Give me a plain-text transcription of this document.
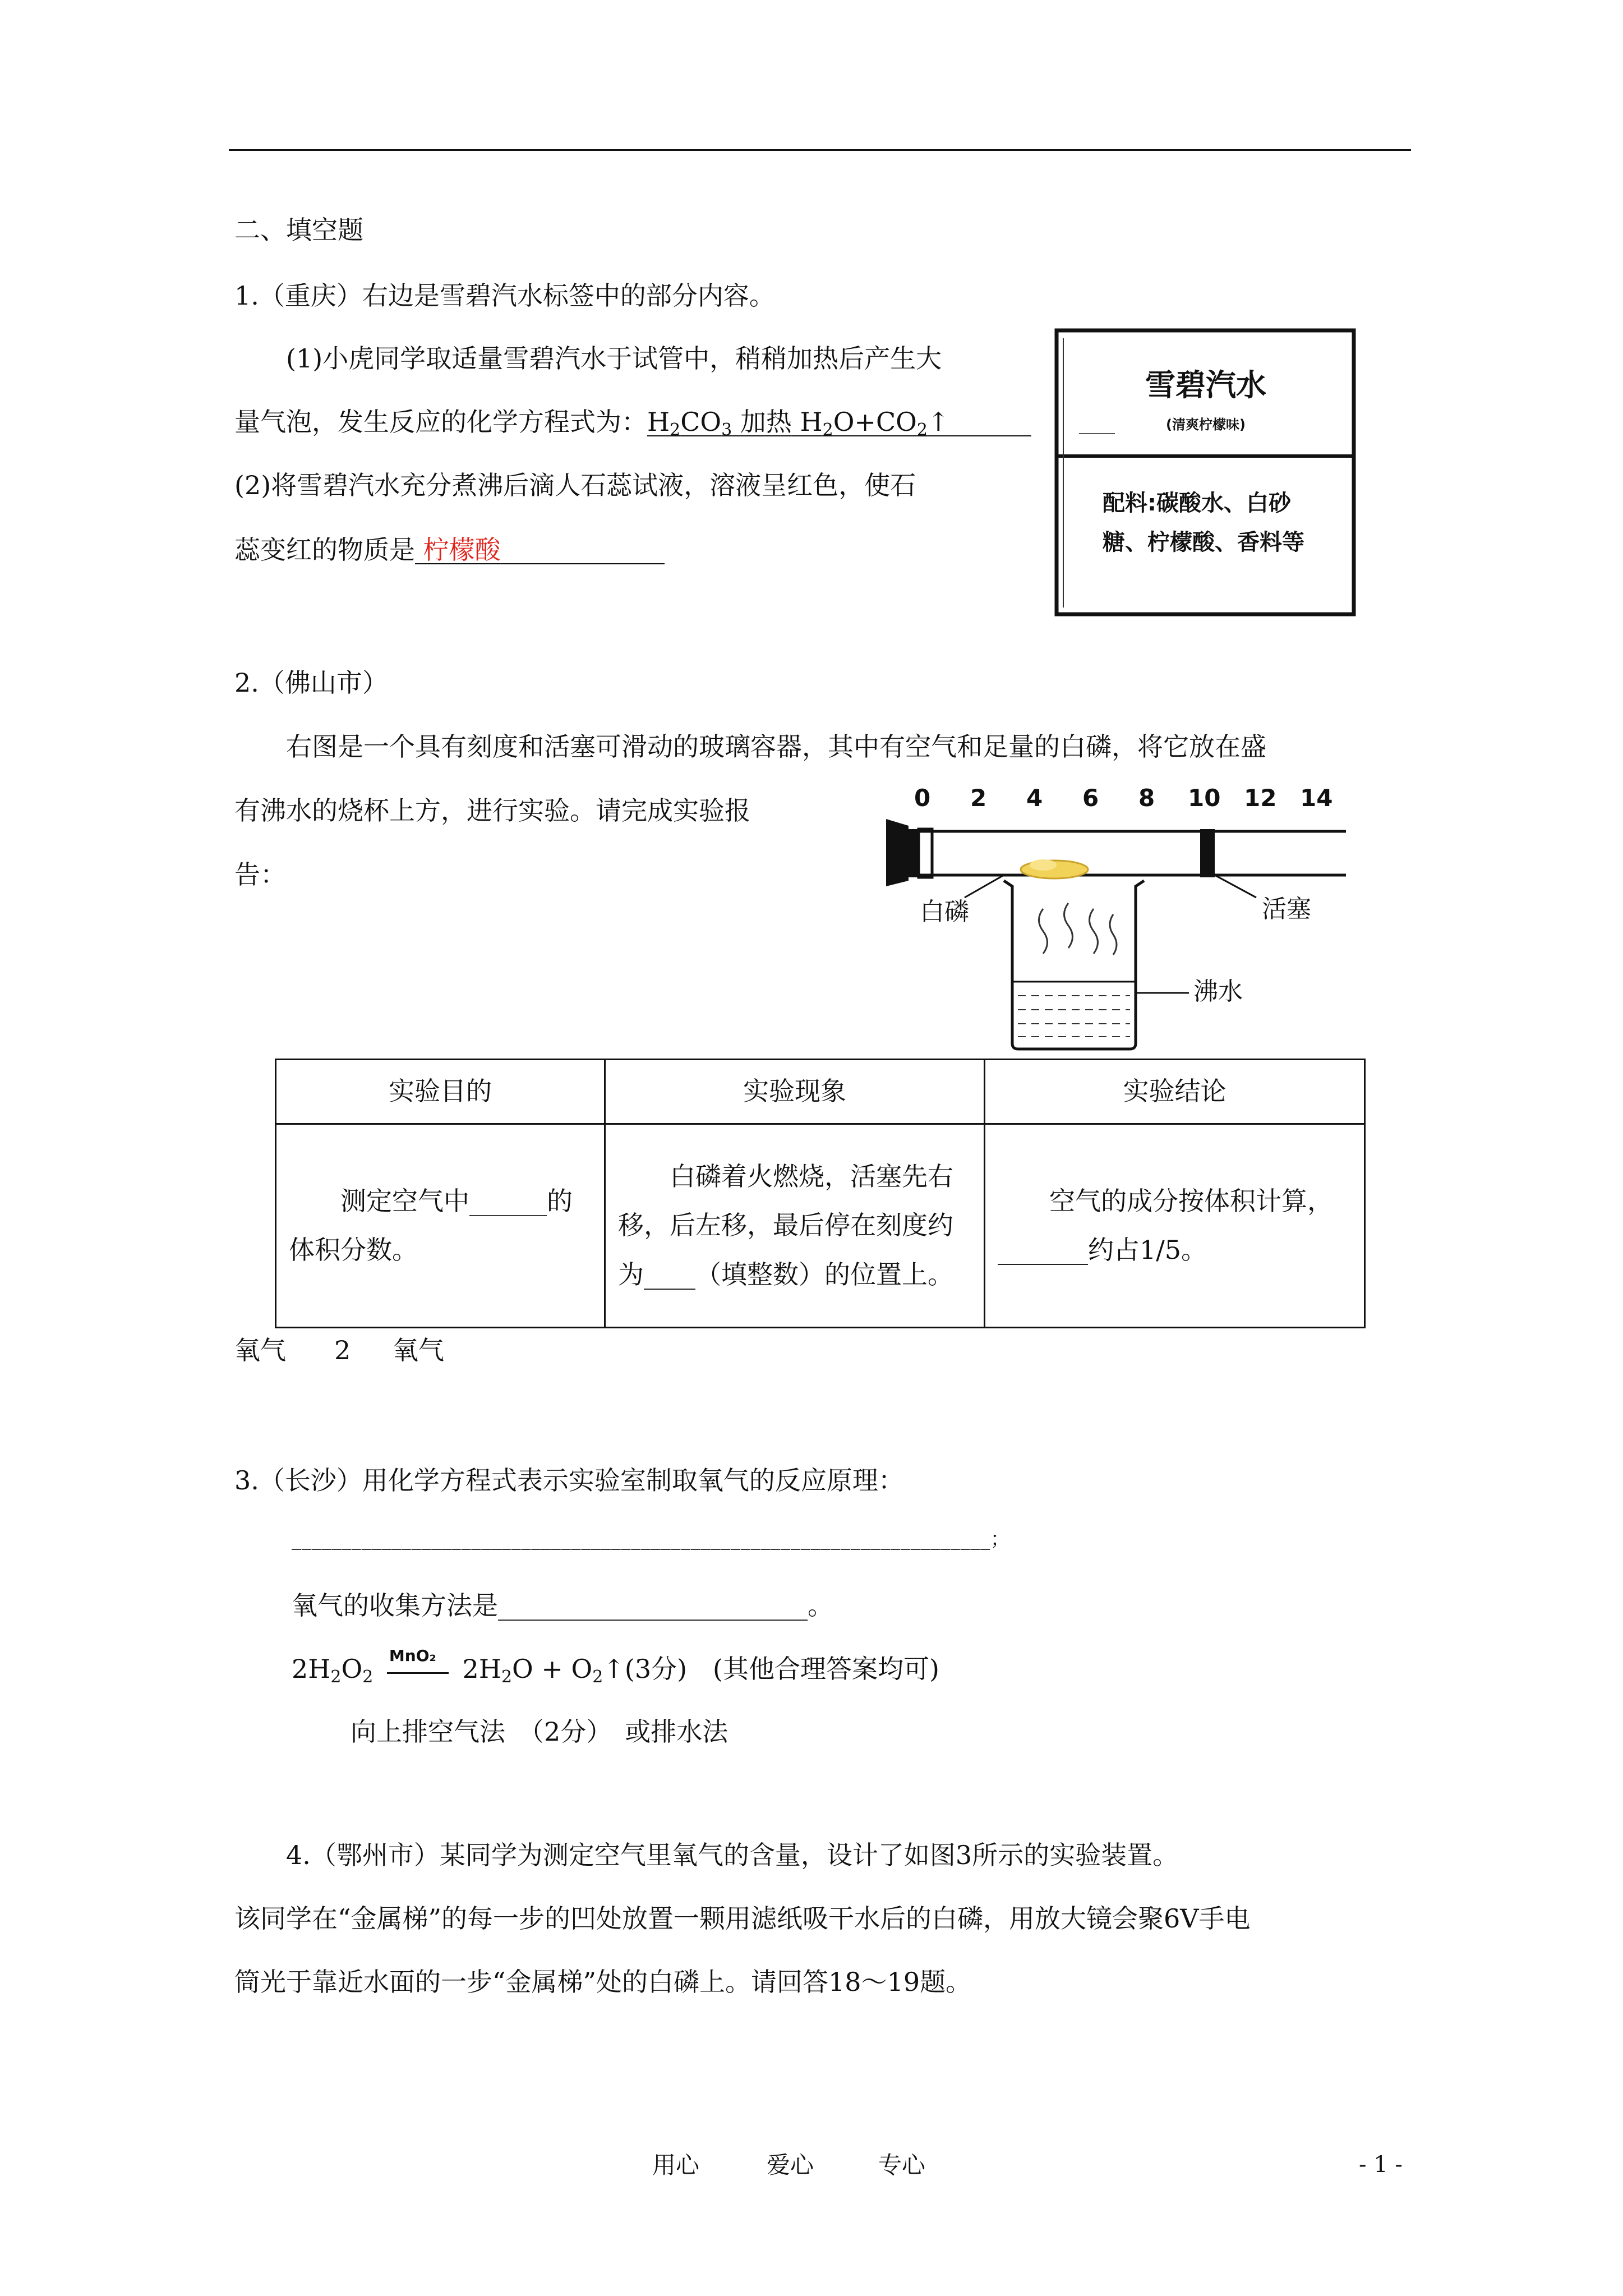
二、填空题
1.（重庆）右边是雪碧汽水标签中的部分内容。
(1)小虎同学取适量雪碧汽水于试管中，稍稍加热后产生大
量气泡，发生反应的化学方程式为：$H_2CO_3$ 加热 $H_2O+CO_2↑$
(2)将雪碧汽水充分煮沸后滴人石蕊试液，溶液呈红色，使石
蕊变红的物质是 柠檬酸
雪碧汽水
(清爽柠檬味)
配料:碳酸水、白砂
糖、柠檬酸、香料等
2.（佛山市）
右图是一个具有刻度和活塞可滑动的玻璃容器，其中有空气和足量的白磷，将它放在盛
有沸水的烧杯上方，进行实验。请完成实验报
告：
0 2 4 6 8 10 12 14
白磷	活塞
沸水
实验目的	实验现象	实验结论

测定空气中______的体积分数。	白磷着火燃烧，活塞先右移，后左移，最后停在刻度约为____（填整数）的位置上。	空气的成分按体积计算，_______约占1/5。
氧气 2 氧气
3.（长沙）用化学方程式表示实验室制取氧气的反应原理：
______________________________________________________________________；
氧气的收集方法是________________________。
$2H_2O_2$
MnO₂ $2H_2O$ + $O_2↑(3$分)　(其他合理答案均可)
向上排空气法　（2分）　或排水法
4.（鄂州市）某同学为测定空气里氧气的含量，设计了如图3所示的实验装置。
该同学在“金属梯”的每一步的凹处放置一颗用滤纸吸干水后的白磷，用放大镜会聚6V手电
筒光于靠近水面的一步“金属梯”处的白磷上。请回答18～19题。
用心	爱心	专心	- 1 -
